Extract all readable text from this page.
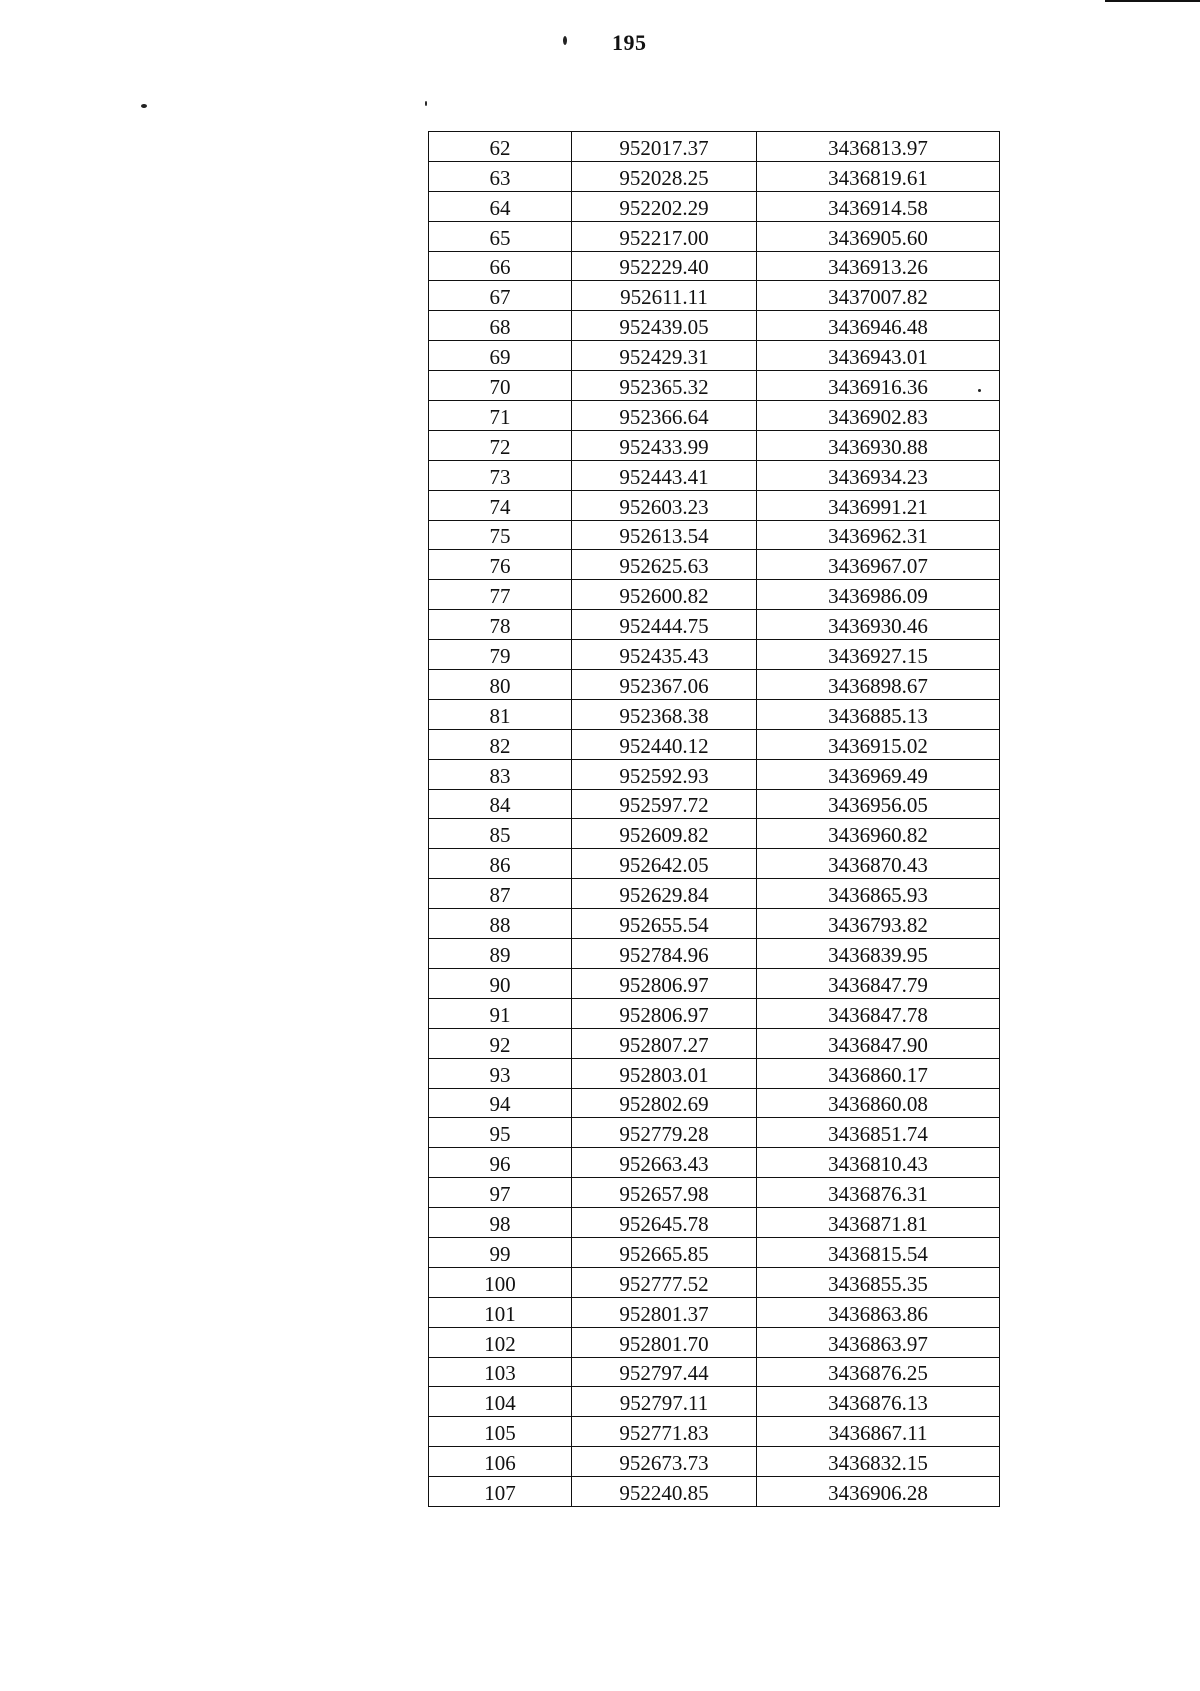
195
62	952017.37	3436813.97
63	952028.25	3436819.61
64	952202.29	3436914.58
65	952217.00	3436905.60
66	952229.40	3436913.26
67	952611.11	3437007.82
68	952439.05	3436946.48
69	952429.31	3436943.01
70	952365.32	3436916.36
71	952366.64	3436902.83
72	952433.99	3436930.88
73	952443.41	3436934.23
74	952603.23	3436991.21
75	952613.54	3436962.31
76	952625.63	3436967.07
77	952600.82	3436986.09
78	952444.75	3436930.46
79	952435.43	3436927.15
80	952367.06	3436898.67
81	952368.38	3436885.13
82	952440.12	3436915.02
83	952592.93	3436969.49
84	952597.72	3436956.05
85	952609.82	3436960.82
86	952642.05	3436870.43
87	952629.84	3436865.93
88	952655.54	3436793.82
89	952784.96	3436839.95
90	952806.97	3436847.79
91	952806.97	3436847.78
92	952807.27	3436847.90
93	952803.01	3436860.17
94	952802.69	3436860.08
95	952779.28	3436851.74
96	952663.43	3436810.43
97	952657.98	3436876.31
98	952645.78	3436871.81
99	952665.85	3436815.54
100	952777.52	3436855.35
101	952801.37	3436863.86
102	952801.70	3436863.97
103	952797.44	3436876.25
104	952797.11	3436876.13
105	952771.83	3436867.11
106	952673.73	3436832.15
107	952240.85	3436906.28
